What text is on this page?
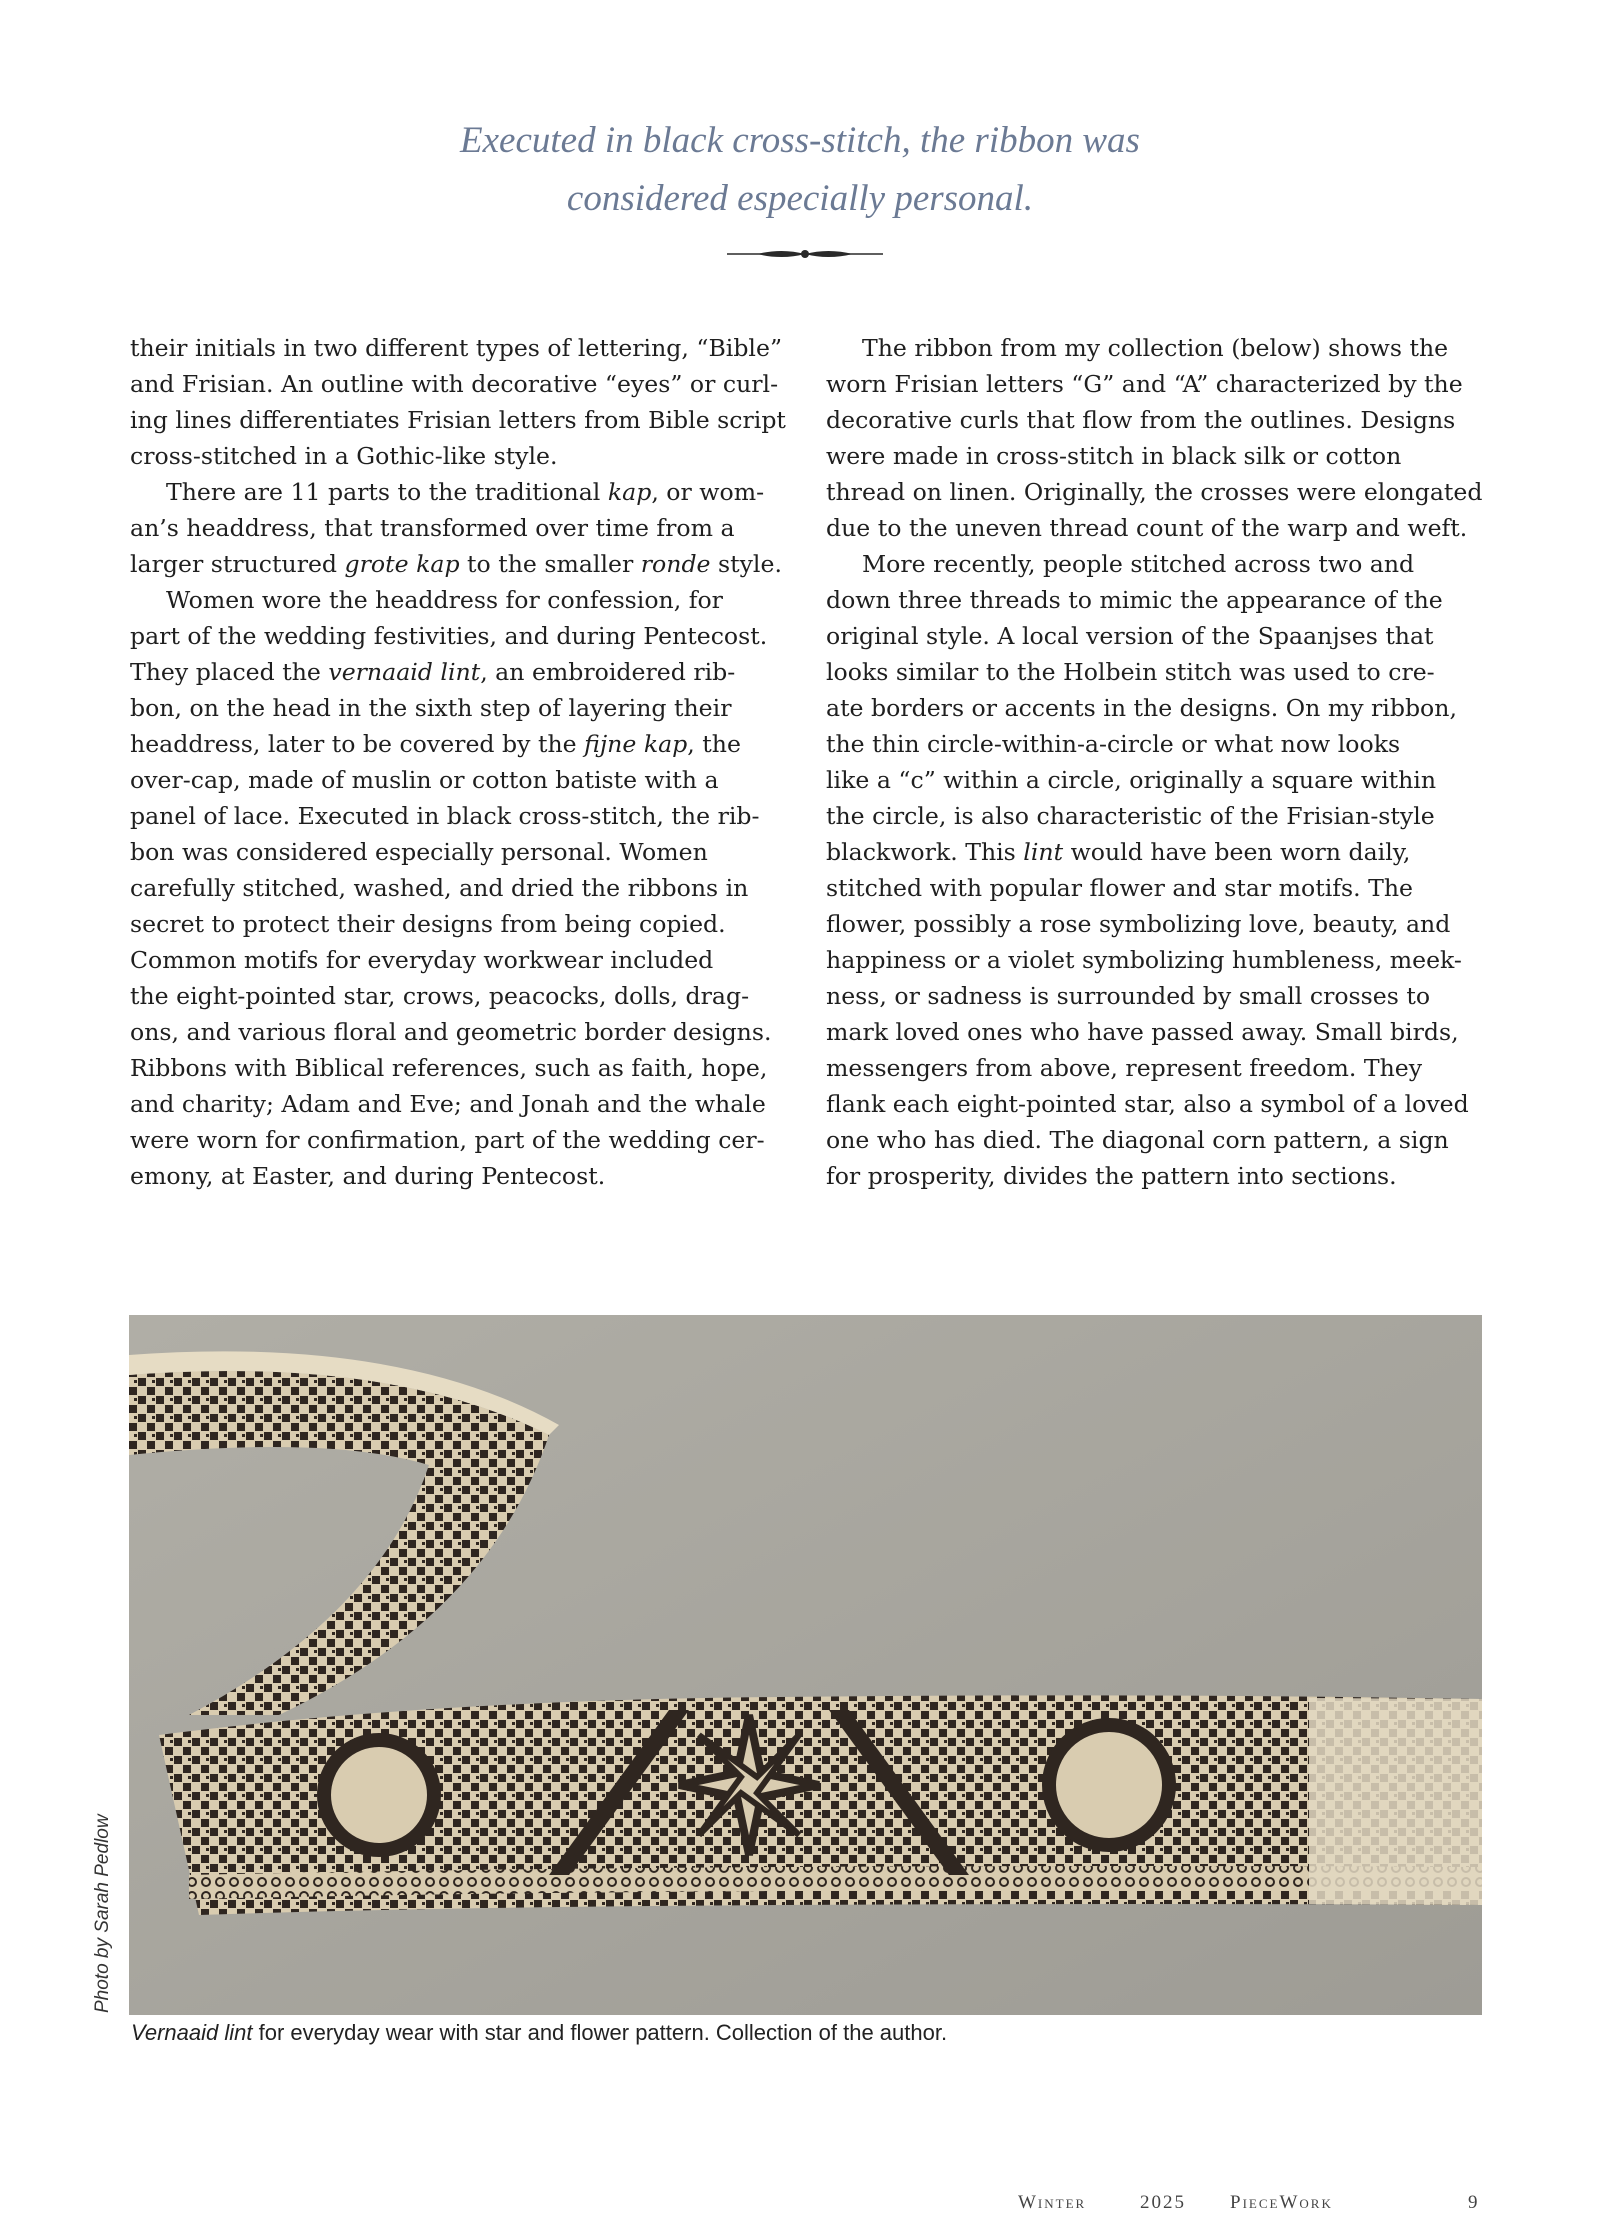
Executed in black cross-stitch, the ribbon was
considered especially personal.

their initials in two different types of lettering, “Bible”
and Frisian. An outline with decorative “eyes” or curl-
ing lines differentiates Frisian letters from Bible script
cross-stitched in a Gothic-like style.

There are 11 parts to the traditional kap, or wom-
an’s headdress, that transformed over time from a
larger structured grote kap to the smaller ronde style.

Women wore the headdress for confession, for
part of the wedding festivities, and during Pentecost.
They placed the vernaaid lint, an embroidered rib-
bon, on the head in the sixth step of layering their
headdress, later to be covered by the fijne kap, the
over-cap, made of muslin or cotton batiste with a
panel of lace. Executed in black cross-stitch, the rib-
bon was considered especially personal. Women
carefully stitched, washed, and dried the ribbons in
secret to protect their designs from being copied.
Common motifs for everyday workwear included
the eight-pointed star, crows, peacocks, dolls, drag-
ons, and various floral and geometric border designs.
Ribbons with Biblical references, such as faith, hope,
and charity; Adam and Eve; and Jonah and the whale
were worn for confirmation, part of the wedding cer-
emony, at Easter, and during Pentecost.

The ribbon from my collection (below) shows the
worn Frisian letters “G” and “A” characterized by the
decorative curls that flow from the outlines. Designs
were made in cross-stitch in black silk or cotton
thread on linen. Originally, the crosses were elongated
due to the uneven thread count of the warp and weft.

More recently, people stitched across two and
down three threads to mimic the appearance of the
original style. A local version of the Spaanjses that
looks similar to the Holbein stitch was used to cre-
ate borders or accents in the designs. On my ribbon,
the thin circle-within-a-circle or what now looks
like a “c” within a circle, originally a square within
the circle, is also characteristic of the Frisian-style
blackwork. This lint would have been worn daily,
stitched with popular flower and star motifs. The
flower, possibly a rose symbolizing love, beauty, and
happiness or a violet symbolizing humbleness, meek-
ness, or sadness is surrounded by small crosses to
mark loved ones who have passed away. Small birds,
messengers from above, represent freedom. They
flank each eight-pointed star, also a symbol of a loved
one who has died. The diagonal corn pattern, a sign
for prosperity, divides the pattern into sections.

Photo by Sarah Pedlow
Vernaaid lint for everyday wear with star and flower pattern. Collection of the author.
Winter	2025 PieceWork	9
